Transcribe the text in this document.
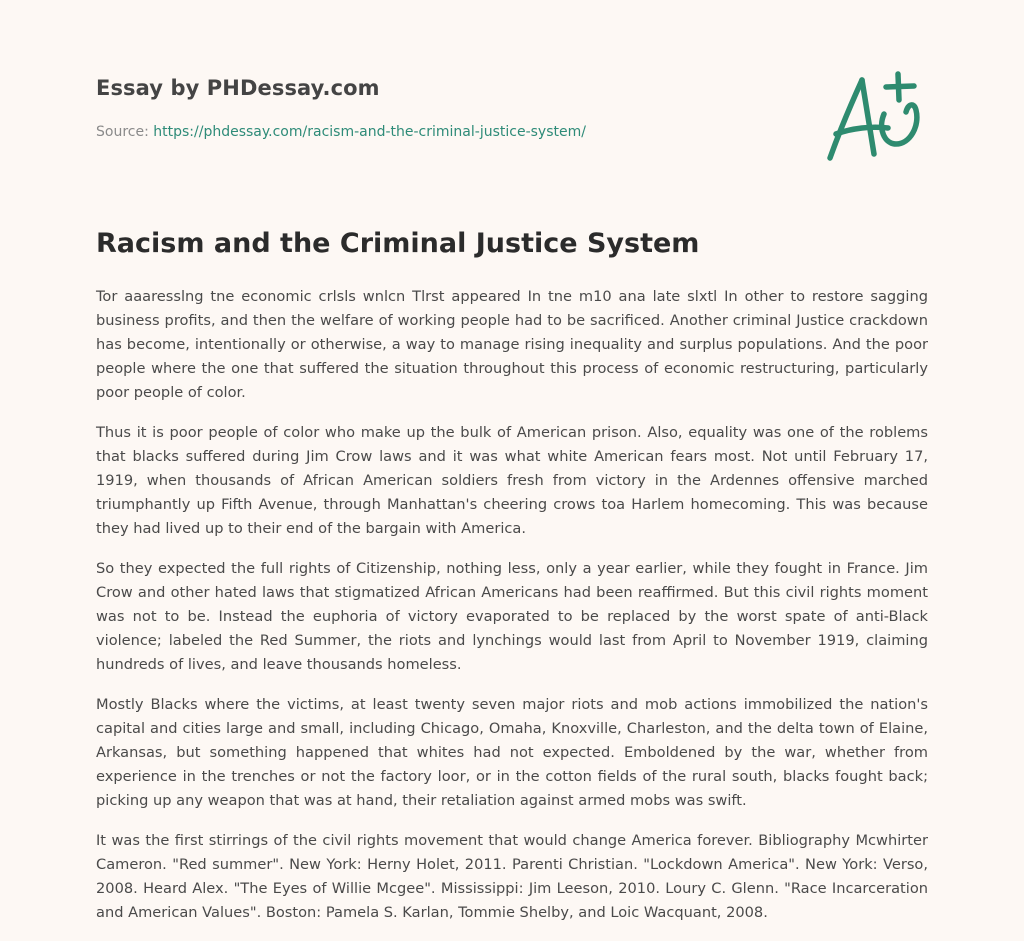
Essay by PHDessay.com
Source: https://phdessay.com/racism-and-the-criminal-justice-system/
Racism and the Criminal Justice System

Tor aaaresslng tne economic crlsls wnlcn Tlrst appeared In tne m10 ana late slxtl In other to restore sagging business profits, and then the welfare of working people had to be sacrificed. Another criminal Justice crackdown has become, intentionally or otherwise, a way to manage rising inequality and surplus populations. And the poor people where the one that suffered the situation throughout this process of economic restructuring, particularly poor people of color.

Thus it is poor people of color who make up the bulk of American prison. Also, equality was one of the roblems that blacks suffered during Jim Crow laws and it was what white American fears most. Not until February 17, 1919, when thousands of African American soldiers fresh from victory in the Ardennes offensive marched triumphantly up Fifth Avenue, through Manhattan's cheering crows toa Harlem homecoming. This was because they had lived up to their end of the bargain with America.

So they expected the full rights of Citizenship, nothing less, only a year earlier, while they fought in France. Jim Crow and other hated laws that stigmatized African Americans had been reaffirmed. But this civil rights moment was not to be. Instead the euphoria of victory evaporated to be replaced by the worst spate of anti-Black violence; labeled the Red Summer, the riots and lynchings would last from April to November 1919, claiming hundreds of lives, and leave thousands homeless.

Mostly Blacks where the victims, at least twenty seven major riots and mob actions immobilized the nation's capital and cities large and small, including Chicago, Omaha, Knoxville, Charleston, and the delta town of Elaine, Arkansas, but something happened that whites had not expected. Emboldened by the war, whether from experience in the trenches or not the factory loor, or in the cotton fields of the rural south, blacks fought back; picking up any weapon that was at hand, their retaliation against armed mobs was swift.

It was the first stirrings of the civil rights movement that would change America forever. Bibliography Mcwhirter Cameron. "Red summer". New York: Herny Holet, 2011. Parenti Christian. "Lockdown America". New York: Verso, 2008. Heard Alex. "The Eyes of Willie Mcgee". Mississippi: Jim Leeson, 2010. Loury C. Glenn. "Race Incarceration and American Values". Boston: Pamela S. Karlan, Tommie Shelby, and Loic Wacquant, 2008.
